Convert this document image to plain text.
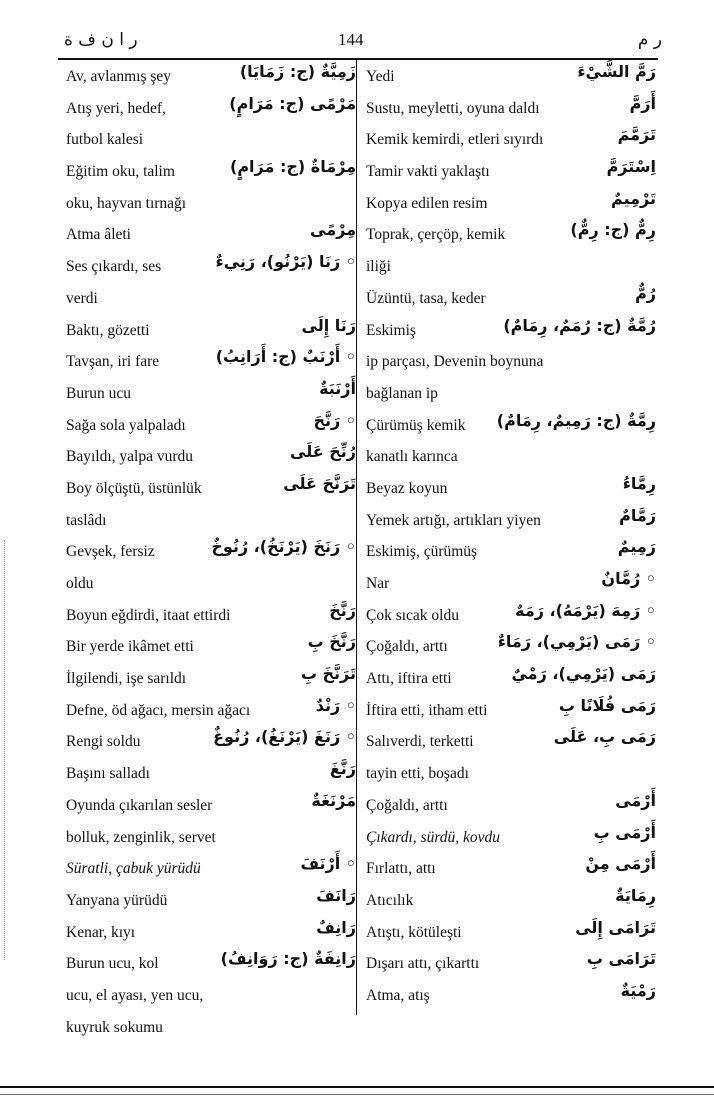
ر ا ن ف ة	144	ر م
Av, avlanmış şey	زَمِيَّةٌ (ج: زَمَايَا)
Atış yeri, hedef,	مَرْمًى (ج: مَرَامٍ)
futbol kalesi
Eğitim oku, talim	مِرْمَاةٌ (ج: مَرَامٍ)
oku, hayvan tırnağı
Atma âleti	مِرْمًى
Ses çıkardı, ses	◦ رَنَا (يَرْنُو)، رَنِيءٌ
verdi
Baktı, gözetti	رَنَا إِلَى
Tavşan, iri fare	◦ أَرْنَبٌ (ج: أَرَانِبُ)
Burun ucu	أَرْنَبَةٌ
Sağa sola yalpaladı	◦ رَنَّحَ
Bayıldı, yalpa vurdu	رُنِّحَ عَلَى
Boy ölçüştü, üstünlük	تَرَنَّحَ عَلَى
taslâdı
Gevşek, fersiz	◦ رَنَخَ (يَرْنَخُ)، رُنُوخٌ
oldu
Boyun eğdirdi, itaat ettirdi	رَنَّخَ
Bir yerde ikâmet etti	رَنَّخَ بِ
İlgilendi, işe sarıldı	تَرَنَّخَ بِ
Defne, öd ağacı, mersin ağacı	◦ رَنْدٌ
Rengi soldu	◦ رَنَغَ (يَرْنَغُ)، رُنُوغٌ
Başını salladı	رَنَّغَ
Oyunda çıkarılan sesler	مَرْنَغَةٌ
bolluk, zenginlik, servet
Süratli, çabuk yürüdü	◦ أَرْنَفَ
Yanyana yürüdü	رَانَفَ
Kenar, kıyı	رَانِفٌ
Burun ucu, kol	رَانِفَةٌ (ج: رَوَانِفُ)
ucu, el ayası, yen ucu,
kuyruk sokumu
Yedi	رَمَّ الشَّيْءَ
Sustu, meyletti, oyuna daldı	أَرَمَّ
Kemik kemirdi, etleri sıyırdı	تَرَمَّمَ
Tamir vakti yaklaştı	اِسْتَرَمَّ
Kopya edilen resim	تَرْمِيمٌ
Toprak, çerçöp, kemik	رِمٌّ (ج: رِمٌّ)
iliği
Üzüntü, tasa, keder	رُمٌّ
Eskimiş	رُمَّةٌ (ج: رُمَمٌ، رِمَامٌ)
ip parçası, Devenin boynuna
bağlanan ip
Çürümüş kemik رِمَّةٌ (ج: رَمِيمٌ، رِمَامٌ)
kanatlı karınca
Beyaz koyun	رِمَّاءُ
Yemek artığı, artıkları yiyen	رَمَّامٌ
Eskimiş, çürümüş	رَمِيمٌ
Nar	◦ رُمَّانٌ
Çok sıcak oldu	◦ رَمِهَ (يَرْمَهُ)، رَمَهٌ
Çoğaldı, arttı	◦ رَمَى (يَرْمِي)، رَمَاءٌ
Attı, iftira etti	رَمَى (يَرْمِي)، رَمْيٌ
İftira etti, itham etti	رَمَى فُلَانًا بِ
Salıverdi, terketti	رَمَى بِ، عَلَى
tayin etti, boşadı
Çoğaldı, arttı	أَرْمَى
Çıkardı, sürdü, kovdu	أَرْمَى بِ
Fırlattı, attı	أَرْمَى مِنْ
Atıcılık	رِمَايَةٌ
Atıştı, kötüleşti	تَرَامَى إِلَى
Dışarı attı, çıkarttı	تَرَامَى بِ
Atma, atış	رَمْيَةٌ
